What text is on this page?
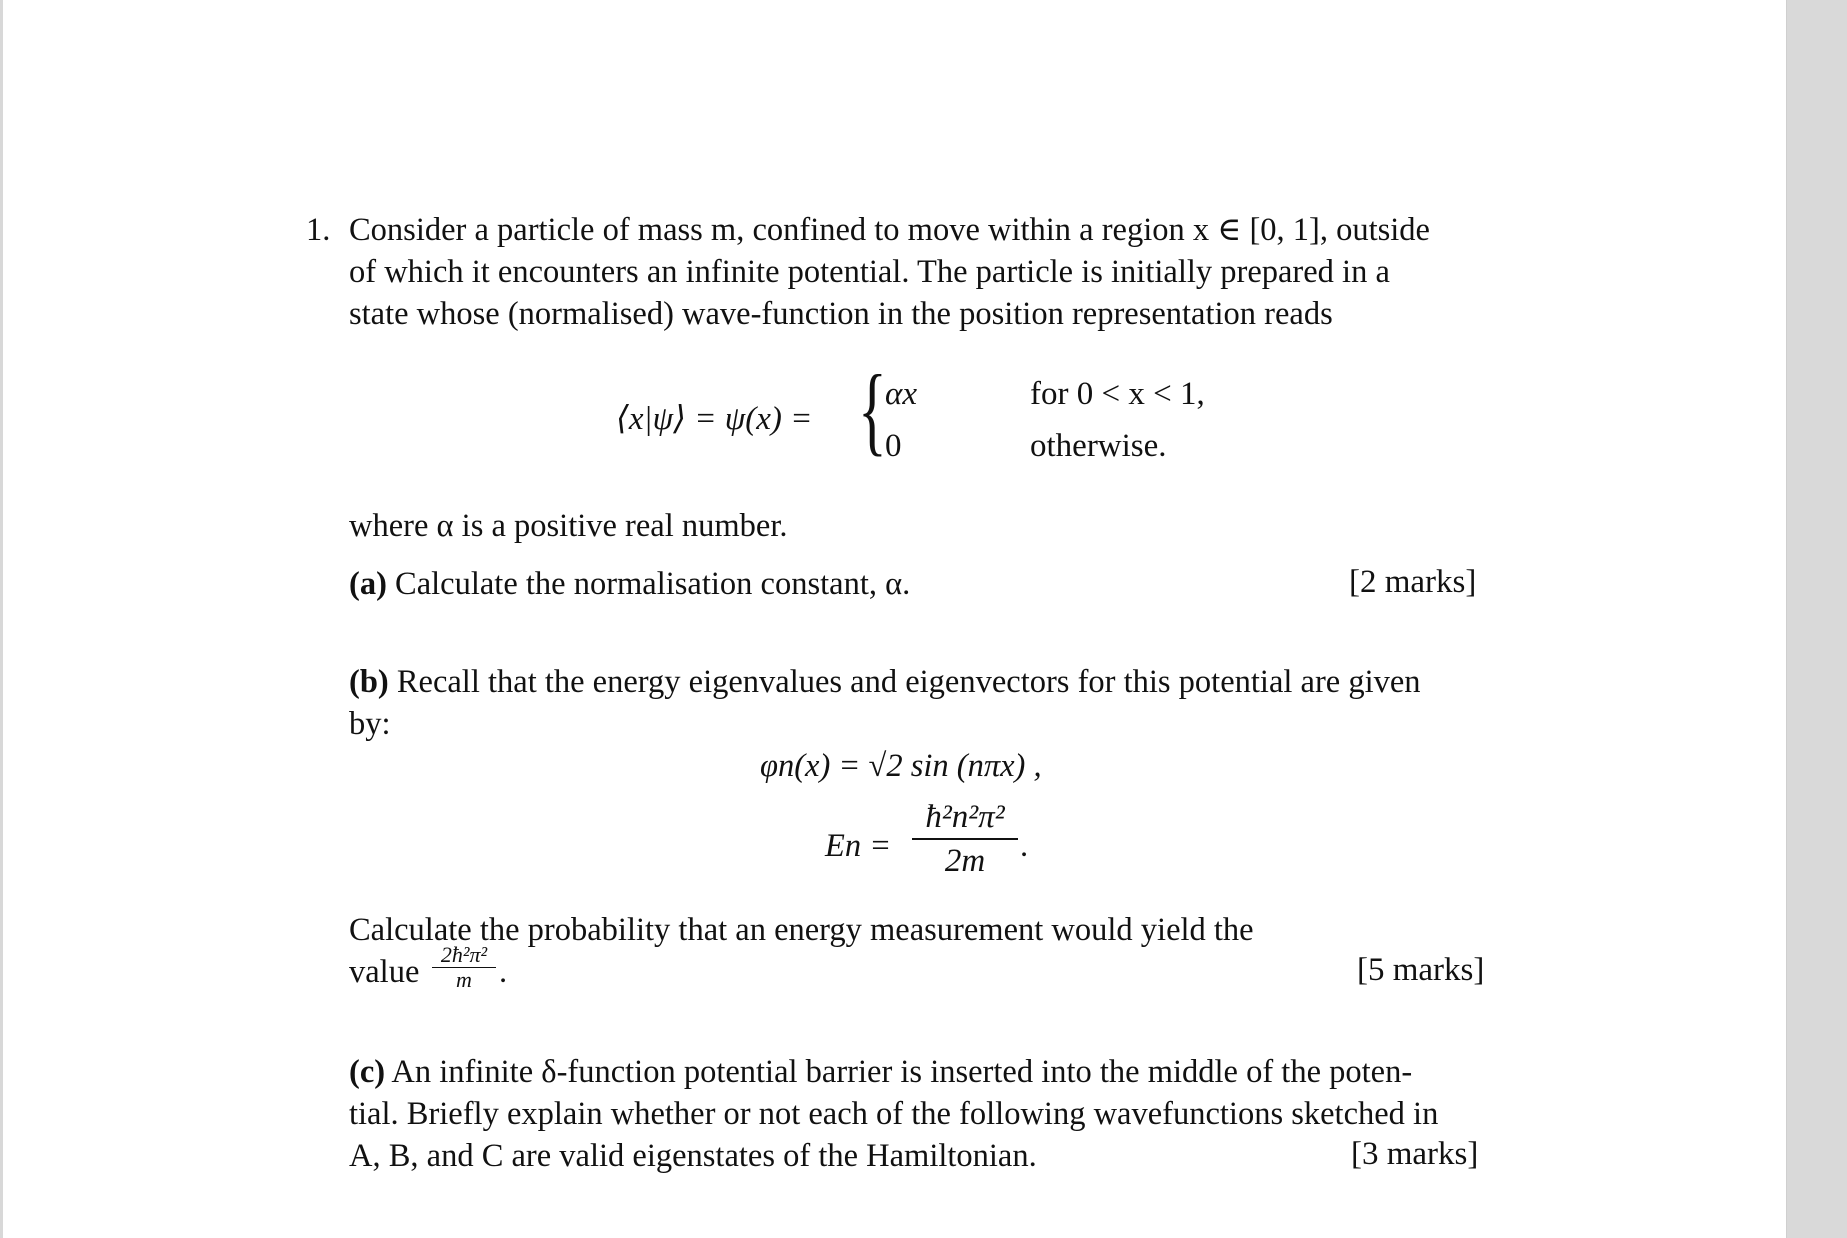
1. Consider a particle of mass m, confined to move within a region x ∈ [0, 1], outside
of which it encounters an infinite potential. The particle is initially prepared in a
state whose (normalised) wave-function in the position representation reads
⟨x|ψ⟩ = ψ(x) = {
αx	for 0 < x < 1,
0	otherwise.
where α is a positive real number.
(a) Calculate the normalisation constant, α.	[2 marks]
(b) Recall that the energy eigenvalues and eigenvectors for this potential are given
by:
φn(x) = √2 sin (nπx) ,
En =
ħ²n²π²
2m	.
Calculate the probability that an energy measurement would yield the
value 2ħ²π²
m .	[5 marks]
(c) An infinite δ-function potential barrier is inserted into the middle of the poten-
tial. Briefly explain whether or not each of the following wavefunctions sketched in
A, B, and C are valid eigenstates of the Hamiltonian.	[3 marks]
